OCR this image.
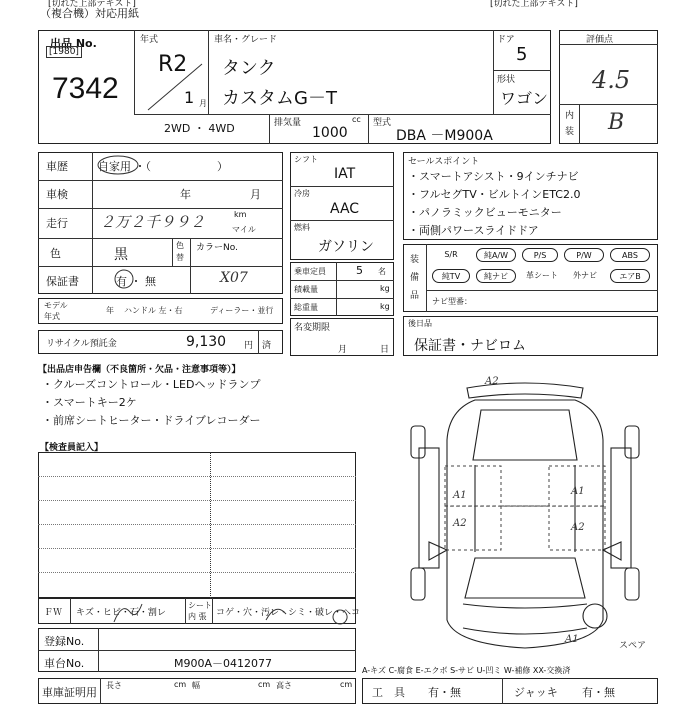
[切れた上部テキスト]	[切れた上部テキスト]
（複合機）対応用紙
出品 No.
[1980]
7342
年式
R2
1 月
車名・グレード
タンク
カスタムG－T
ドア
5
形状
ワゴン
2WD ・ 4WD	排気量	cc
1000
型式
DBA －M900A
評価点
4.5
内
装 B
車歴	自家用 ・（　　　　　　）
車検	年	月
走行 ２万２千９９２	km
マイル
色	黒
色
替
カラーNo.
保証書	有 ・ 無	X07
モデル
年式
年 ハンドル 左・右	ディーラー・並行
リサイクル預託金	9,130 円 済
シフト
IAT
冷房
AAC
燃料
ガソリン
乗車定員	5 名
積載量	kg
総重量	kg
名変期限
月	日
セールスポイント
・スマートアシスト・9インチナビ
・フルセグTV・ビルトインETC2.0
・パノラミックビューモニター
・両側パワースライドドア
装
備
品
S/R	純A/W	P/S	P/W	ABS
純TV	純ナビ	革シート	外ナビ	エアB
ナビ型番：
後日品
保証書・ナビロム
【出品店申告欄（不良箇所・欠品・注意事項等）】
・クルーズコントロール・LEDヘッドランプ
・スマートキー2ケ
・前席シートヒーター・ドライブレコーダー
【検査員記入】
ＦＷ キズ・ヒビ・石・割レ
シート
内 張 コゲ・穴・汚レ・シミ・破レ・ヘコ
登録No.
車台No.	M900A－0412077
車庫証明用
長さ	cm 幅	cm 高さ	cm
A-キズ C-腐食 E-エクボ S-サビ U-凹ミ W-補修 XX-交換済
工　具 有・無	ジャッキ 有・無
A2
A1	A1
A2	A2
A1
スペア
